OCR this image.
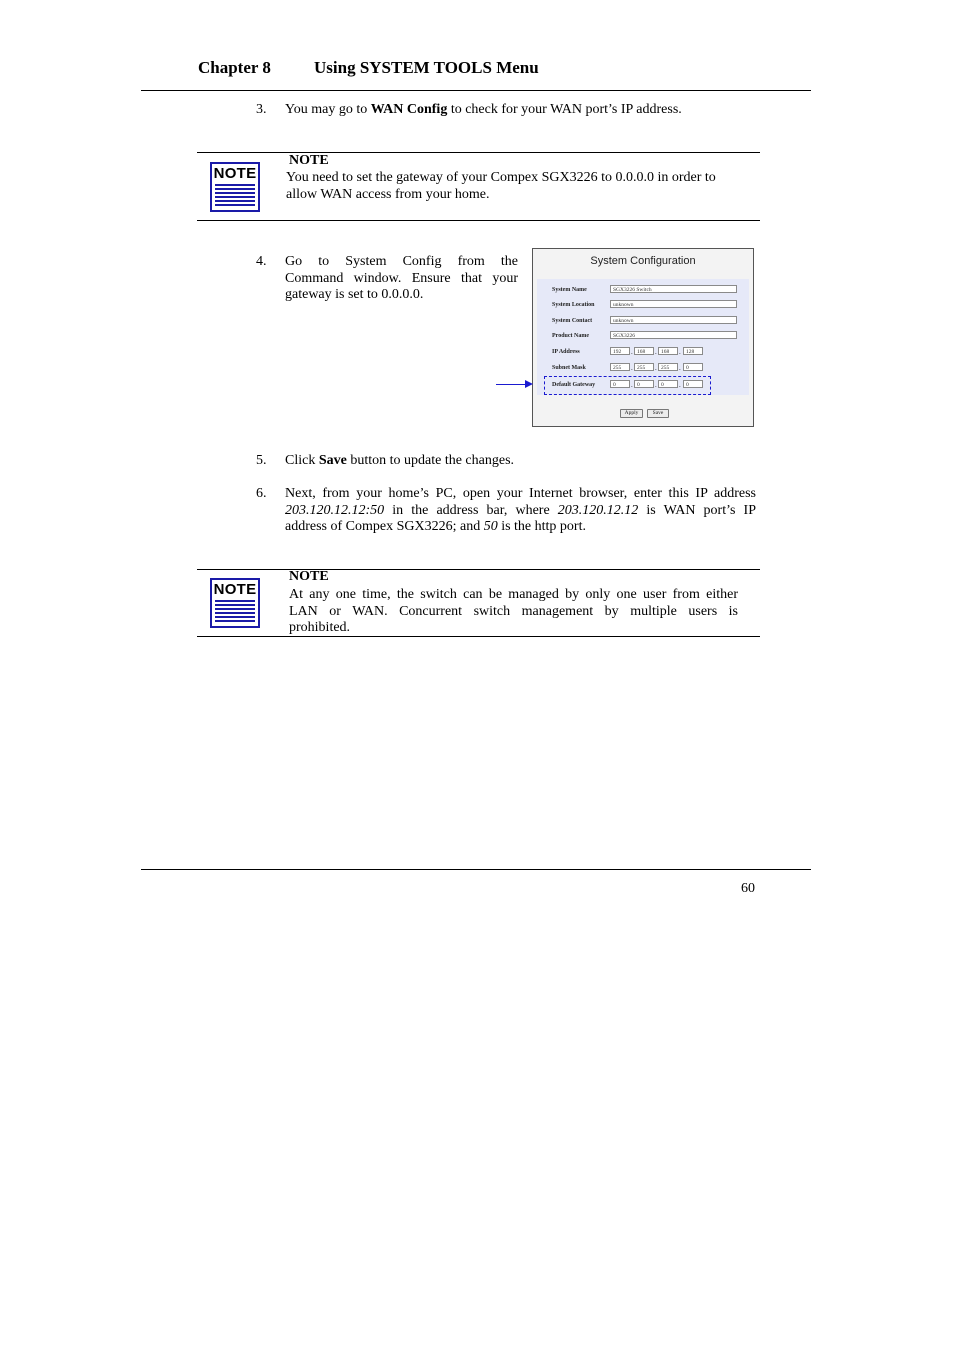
Chapter 8	Using SYSTEM TOOLS Menu
3. You may go to WAN Config to check for your WAN port’s IP address.
NOTE
NOTE
You need to set the gateway of your Compex SGX3226 to 0.0.0.0 in order to
allow WAN access from your home.
4. Go to System Config from the
Command window. Ensure that your
gateway is set to 0.0.0.0.
System Configuration
System Name	SGX3226 Switch
System Location	unknown
System Contact	unknown
Product Name	SGX3226
IP Address	192	. 168	. 168	. 128
Subnet Mask	255	. 255	. 255	. 0
Default Gateway	0	. 0	. 0	. 0
Apply	Save
5. Click Save button to update the changes.
6. Next, from your home’s PC, open your Internet browser, enter this IP address
203.120.12.12:50 in the address bar, where 203.120.12.12 is WAN port’s IP
address of Compex SGX3226; and 50 is the http port.
NOTE
NOTE
At any one time, the switch can be managed by only one user from either
LAN or WAN. Concurrent switch management by multiple users is
prohibited.
60
